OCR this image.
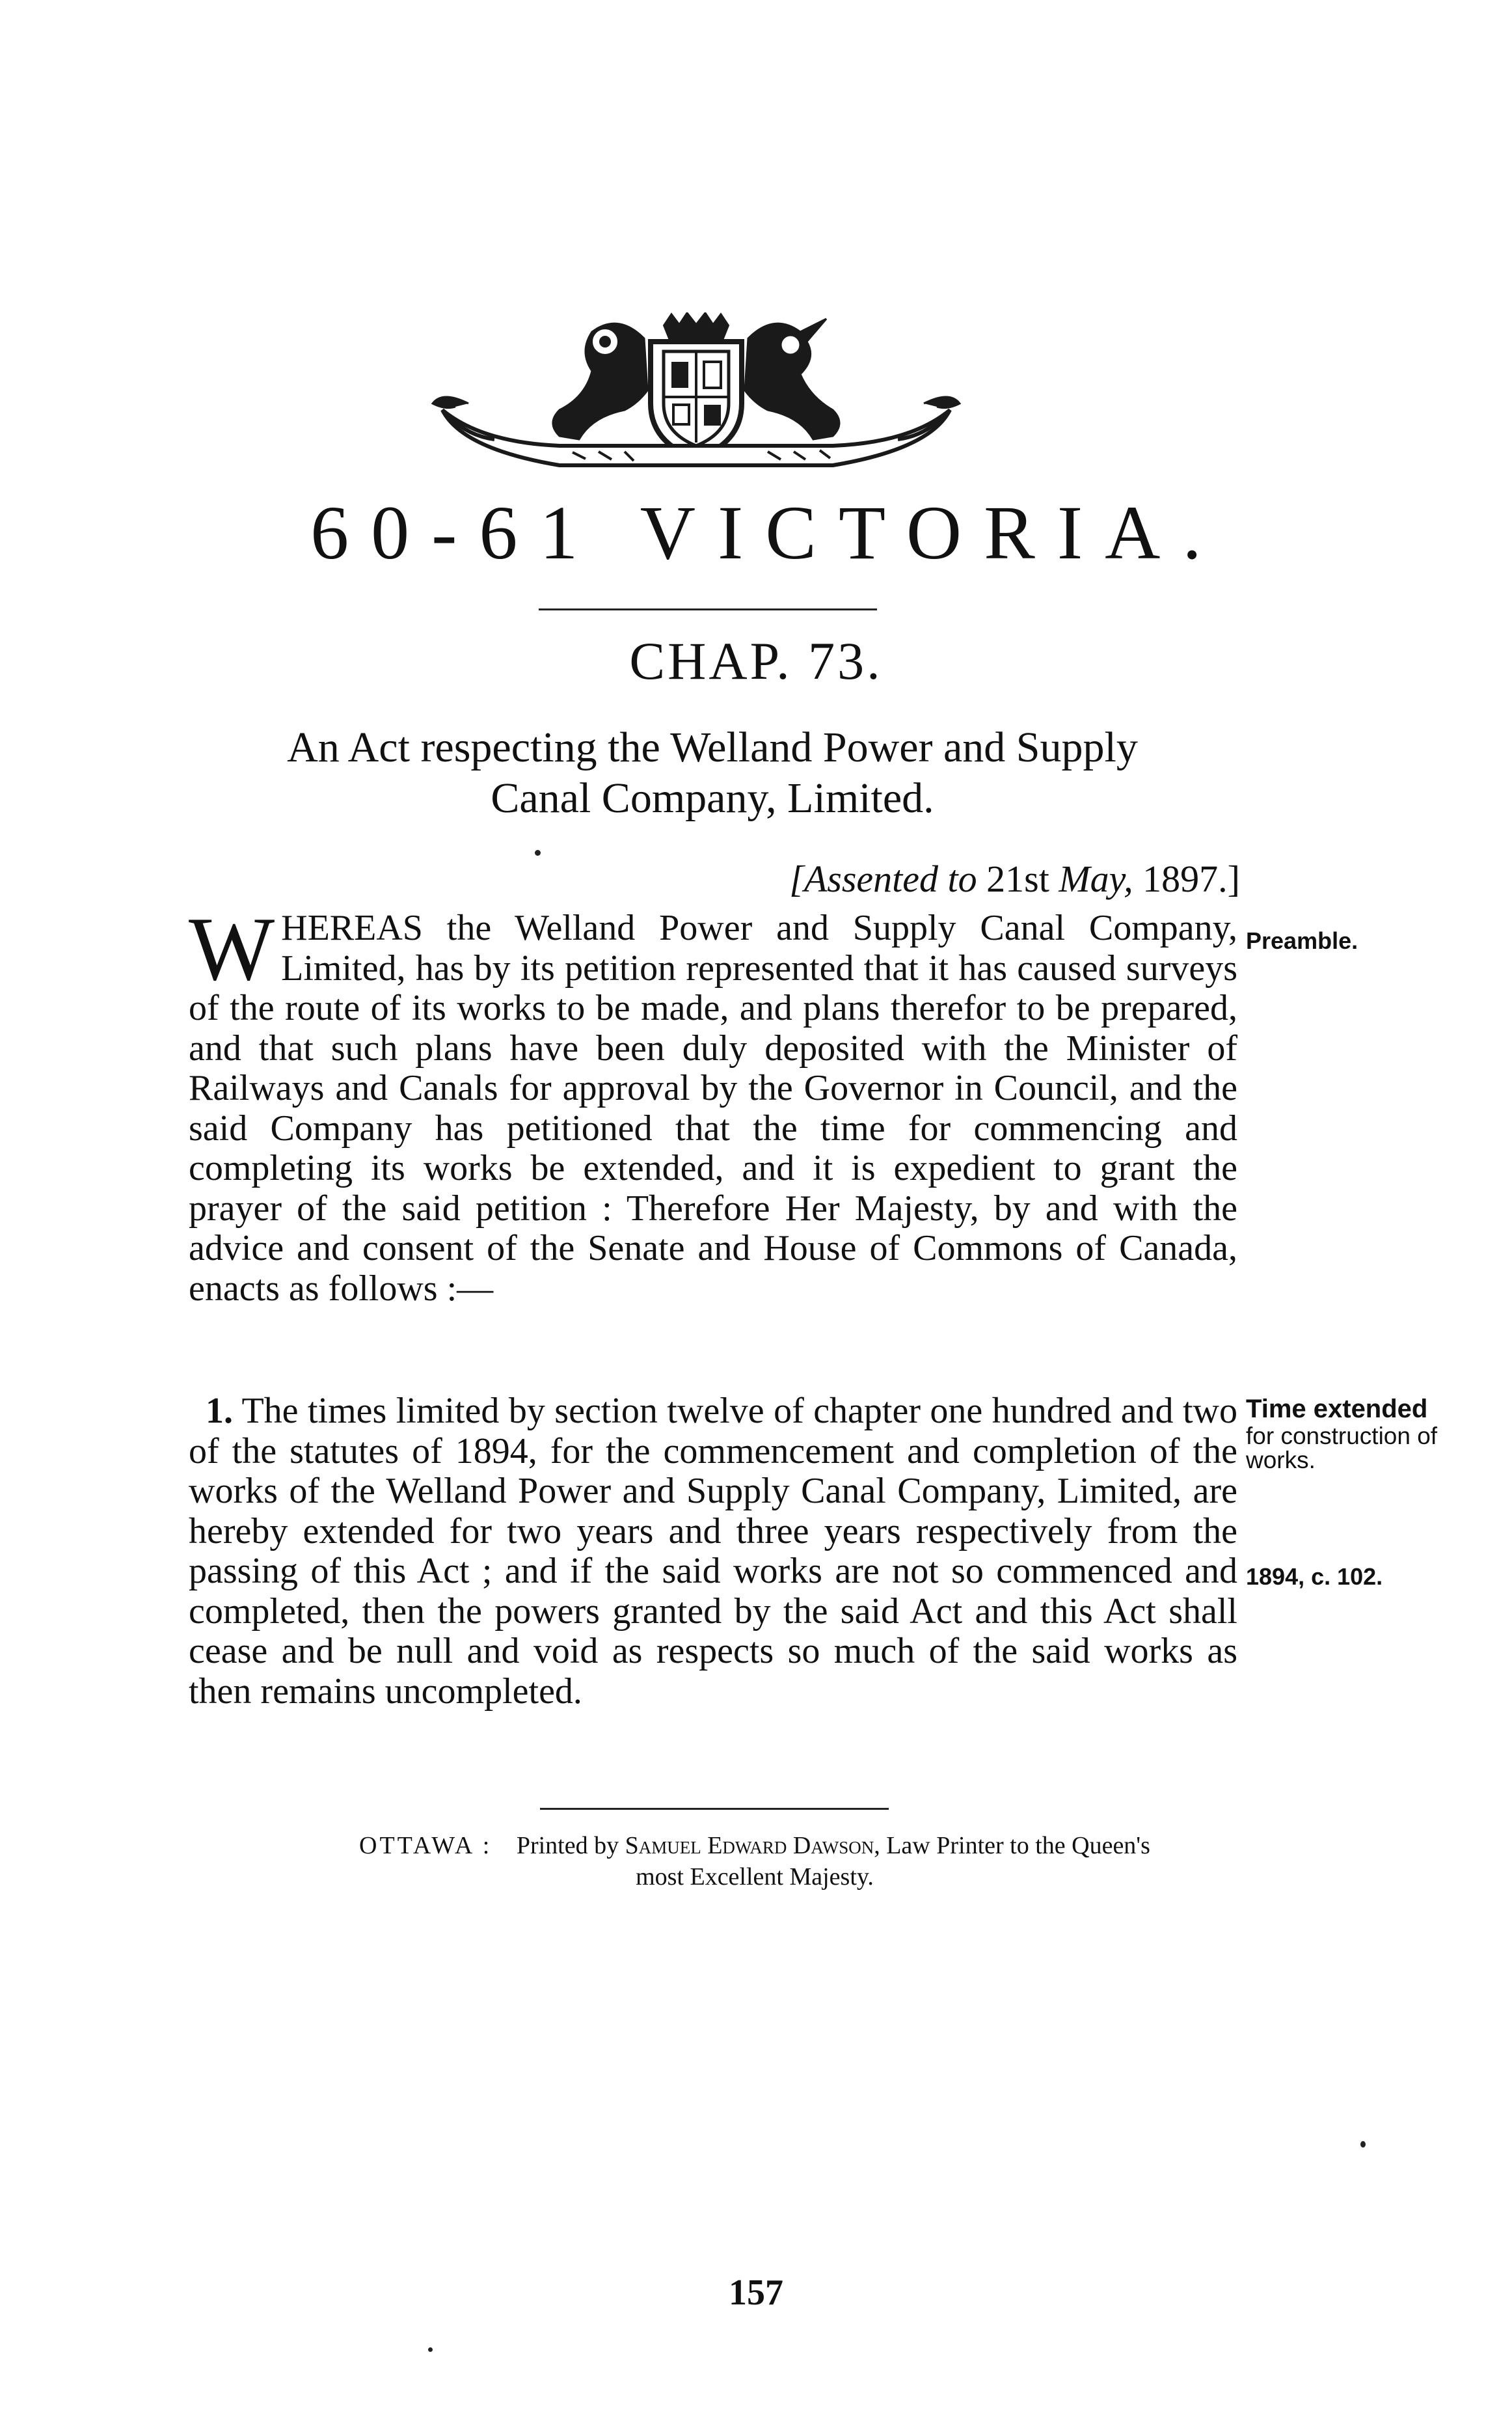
60-61 VICTORIA.
CHAP. 73.
An Act respecting the Welland Power and Supply
Canal Company, Limited.
[Assented to 21st May, 1897.]
WHEREAS the Welland Power and Supply Canal Company, Limited, has by its petition represented that it has caused surveys of the route of its works to be made, and plans therefor to be prepared, and that such plans have been duly deposited with the Minister of Railways and Canals for approval by the Governor in Council, and the said Company has petitioned that the time for commencing and completing its works be extended, and it is expedient to grant the prayer of the said petition : Therefore Her Majesty, by and with the advice and consent of the Senate and House of Commons of Canada, enacts as follows :—
1. The times limited by section twelve of chapter one hundred and two of the statutes of 1894, for the commencement and completion of the works of the Welland Power and Supply Canal Company, Limited, are hereby extended for two years and three years respectively from the passing of this Act ; and if the said works are not so commenced and completed, then the powers granted by the said Act and this Act shall cease and be null and void as respects so much of the said works as then remains uncompleted.
Preamble.
Time extended
for construction of works.
1894, c. 102.
OTTAWA : Printed by Samuel Edward Dawson, Law Printer to the Queen's
most Excellent Majesty.
157
